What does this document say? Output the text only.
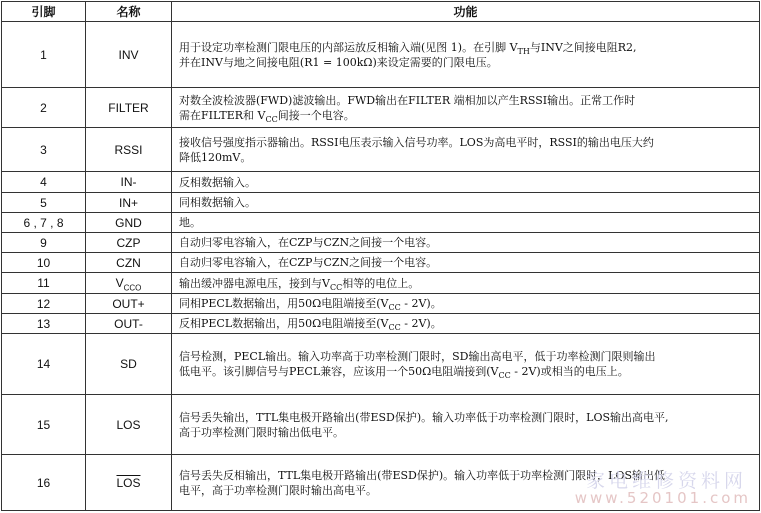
引脚	名称	功能
1	INV	用于设定功率检测门限电压的内部运放反相输入端(见图 1)。在引脚 $V_{TH}$与INV之间接电阻R2,
并在INV与地之间接电阻(R1 = 100kΩ)来设定需要的门限电压。
2	FILTER	对数全波检波器(FWD)滤波输出。FWD输出在FILTER 端相加以产生RSSI输出。正常工作时
需在FILTER和 $V_{CC}$间接一个电容。
3	RSSI	接收信号强度指示器输出。RSSI电压表示输入信号功率。LOS为高电平时，RSSI的输出电压大约
降低120mV。
4	IN-	反相数据输入。
5	IN+	同相数据输入。
6 , 7 , 8	GND	地。
9	CZP	自动归零电容输入，在CZP与CZN之间接一个电容。
10	CZN	自动归零电容输入，在CZP与CZN之间接一个电容。
11	$V_{CCO}$	输出缓冲器电源电压，接到与$V_{CC}$相等的电位上。
12	OUT+	同相PECL数据输出，用50Ω电阻端接至$(V_{CC} - 2V)$。
13	OUT-	反相PECL数据输出，用50Ω电阻端接至$(V_{CC} - 2V)$。
14	SD	信号检测，PECL输出。输入功率高于功率检测门限时，SD输出高电平，低于功率检测门限则输出
低电平。该引脚信号与PECL兼容，应该用一个50Ω电阻端接到$(V_{CC} - 2V)$或相当的电压上。
15	LOS	信号丢失输出，TTL集电极开路输出(带ESD保护)。输入功率低于功率检测门限时，LOS输出高电平,
高于功率检测门限时输出低电平。
16	$\overline{LOS}$	信号丢失反相输出，TTL集电极开路输出(带ESD保护)。输入功率低于功率检测门限时，LOS输出低
电平，高于功率检测门限时输出高电平。	家电维修资料网
www.520101.com
